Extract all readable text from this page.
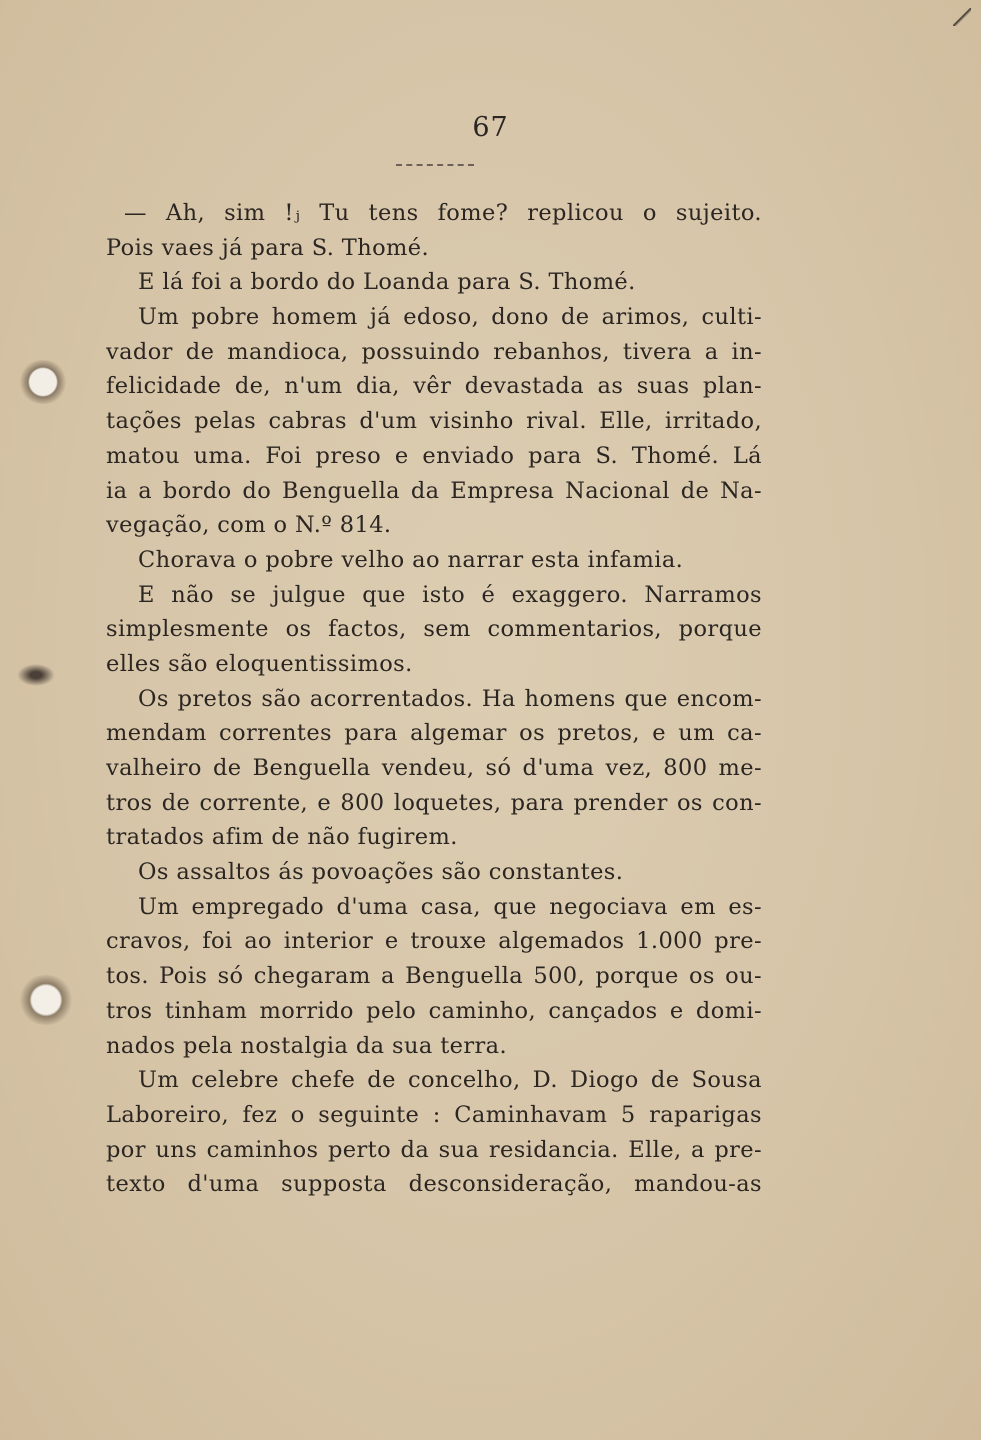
67
— Ah, sim !ⱼ Tu tens fome? replicou o sujeito.
Pois vaes já para S. Thomé.
E lá foi a bordo do Loanda para S. Thomé.
Um pobre homem já edoso, dono de arimos, culti-
vador de mandioca, possuindo rebanhos, tivera a in-
felicidade de, n'um dia, vêr devastada as suas plan-
tações pelas cabras d'um visinho rival. Elle, irritado,
matou uma. Foi preso e enviado para S. Thomé. Lá
ia a bordo do Benguella da Empresa Nacional de Na-
vegação, com o N.º 814.
Chorava o pobre velho ao narrar esta infamia.
E não se julgue que isto é exaggero. Narramos
simplesmente os factos, sem commentarios, porque
elles são eloquentissimos.
Os pretos são acorrentados. Ha homens que encom-
mendam correntes para algemar os pretos, e um ca-
valheiro de Benguella vendeu, só d'uma vez, 800 me-
tros de corrente, e 800 loquetes, para prender os con-
tratados afim de não fugirem.
Os assaltos ás povoações são constantes.
Um empregado d'uma casa, que negociava em es-
cravos, foi ao interior e trouxe algemados 1.000 pre-
tos. Pois só chegaram a Benguella 500, porque os ou-
tros tinham morrido pelo caminho, cançados e domi-
nados pela nostalgia da sua terra.
Um celebre chefe de concelho, D. Diogo de Sousa
Laboreiro, fez o seguinte : Caminhavam 5 raparigas
por uns caminhos perto da sua residancia. Elle, a pre-
texto d'uma supposta desconsideração, mandou-as
